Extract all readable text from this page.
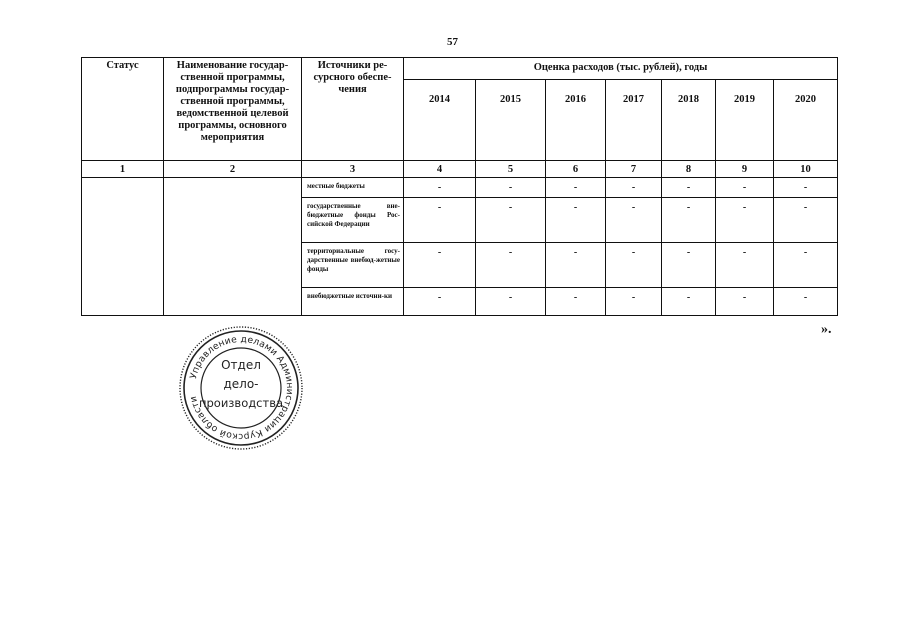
57
Статус	Наименование государ-ственной программы, подпрограммы государ-ственной программы, ведомственной целевой программы, основного мероприятия	Источники ре-сурсного обеспе-чения	Оценка расходов (тыс. рублей), годы						
			2014	2015	2016	2017	2018	2019	2020
1	2	3	4	5	6	7	8	9	10
		местные бюджеты	-	-	-	-	-	-	-
		государственные вне-бюджетные фонды Рос-сийской Федерации	-	-	-	-	-	-	-
		территориальные госу-дарственные внебюд-жетные фонды	-	-	-	-	-	-	-
		внебюджетные источни-ки	-	-	-	-	-	-	-
».
Управление делами Администрации Курской области
Отдел
дело-
производства
